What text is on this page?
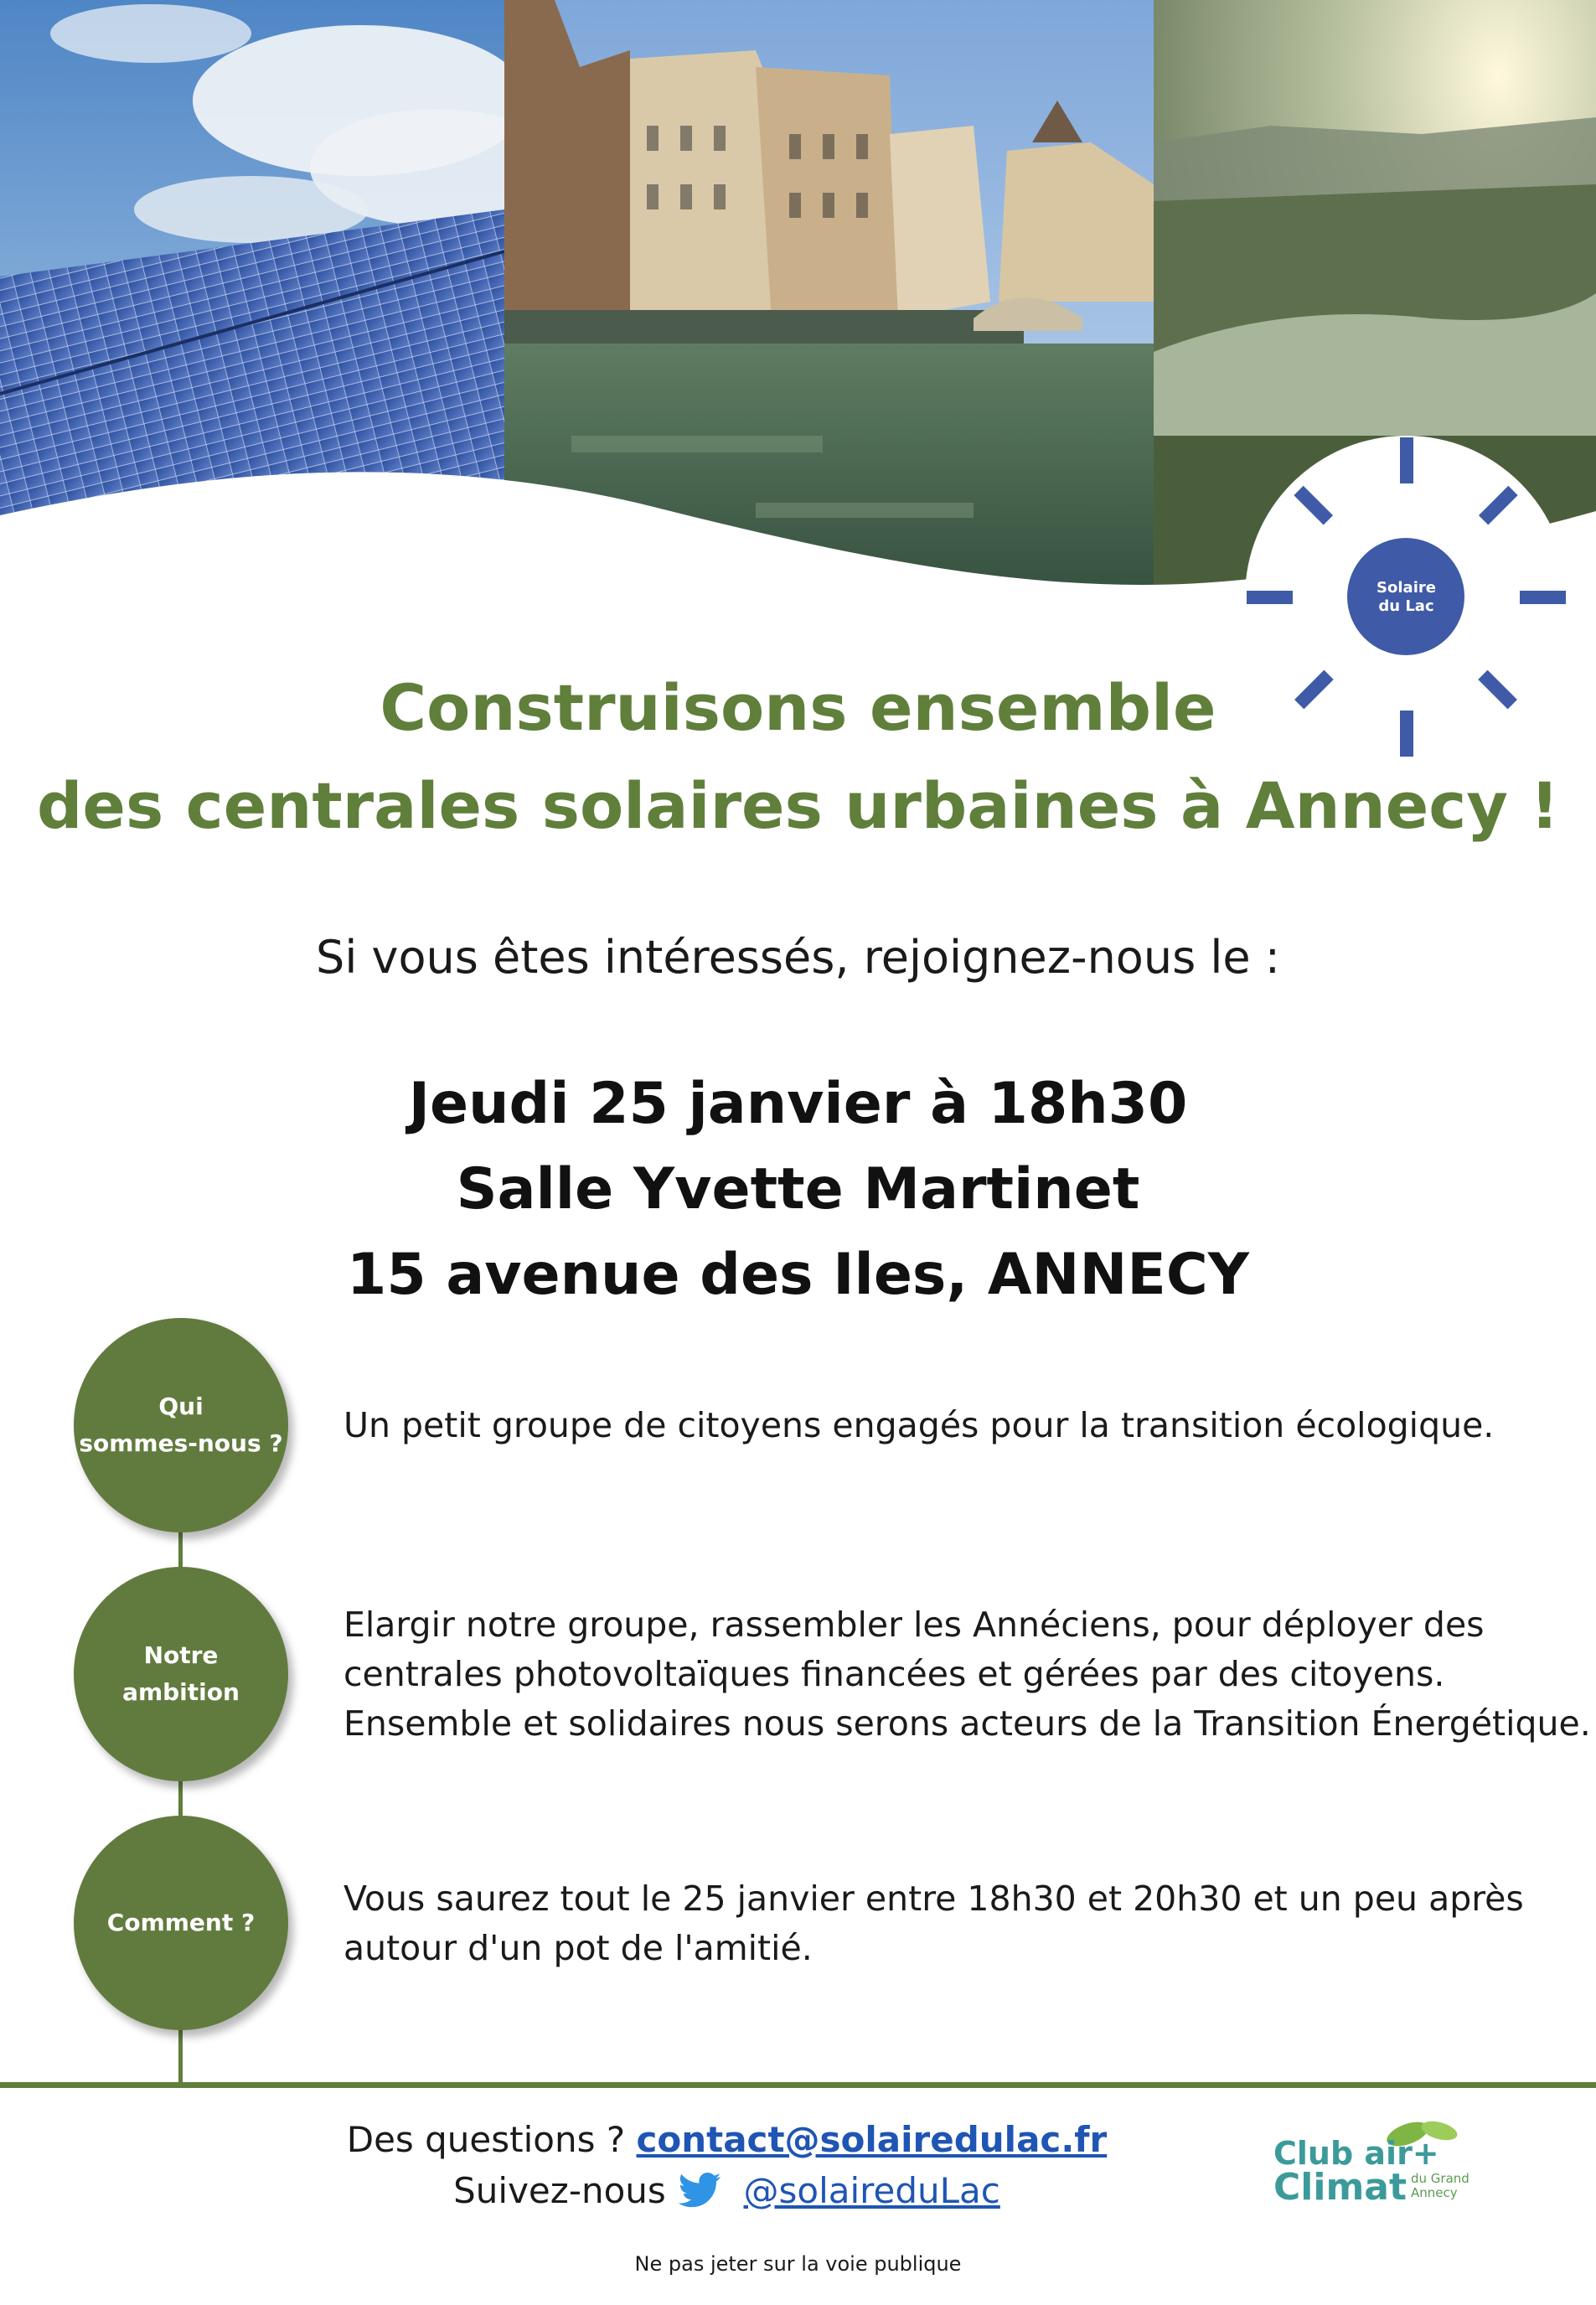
Solaire
du Lac
Construisons ensemble
des centrales solaires urbaines à Annecy !
Si vous êtes intéressés, rejoignez-nous le :
Jeudi 25 janvier à 18h30
Salle Yvette Martinet
15 avenue des Iles, ANNECY
Qui
sommes-nous ? Un petit groupe de citoyens engagés pour la transition écologique.
Notre
ambition
Elargir notre groupe, rassembler les Annéciens, pour déployer des
centrales photovoltaïques financées et gérées par des citoyens.
Ensemble et solidaires nous serons acteurs de la Transition Énergétique.
Comment ?
Vous saurez tout le 25 janvier entre 18h30 et 20h30 et un peu après
autour d'un pot de l'amitié.
Des questions ? contact@solairedulac.fr
Suivez-nous @solaireduLac
Club air+
Climat du Grand
Annecy
Ne pas jeter sur la voie publique
